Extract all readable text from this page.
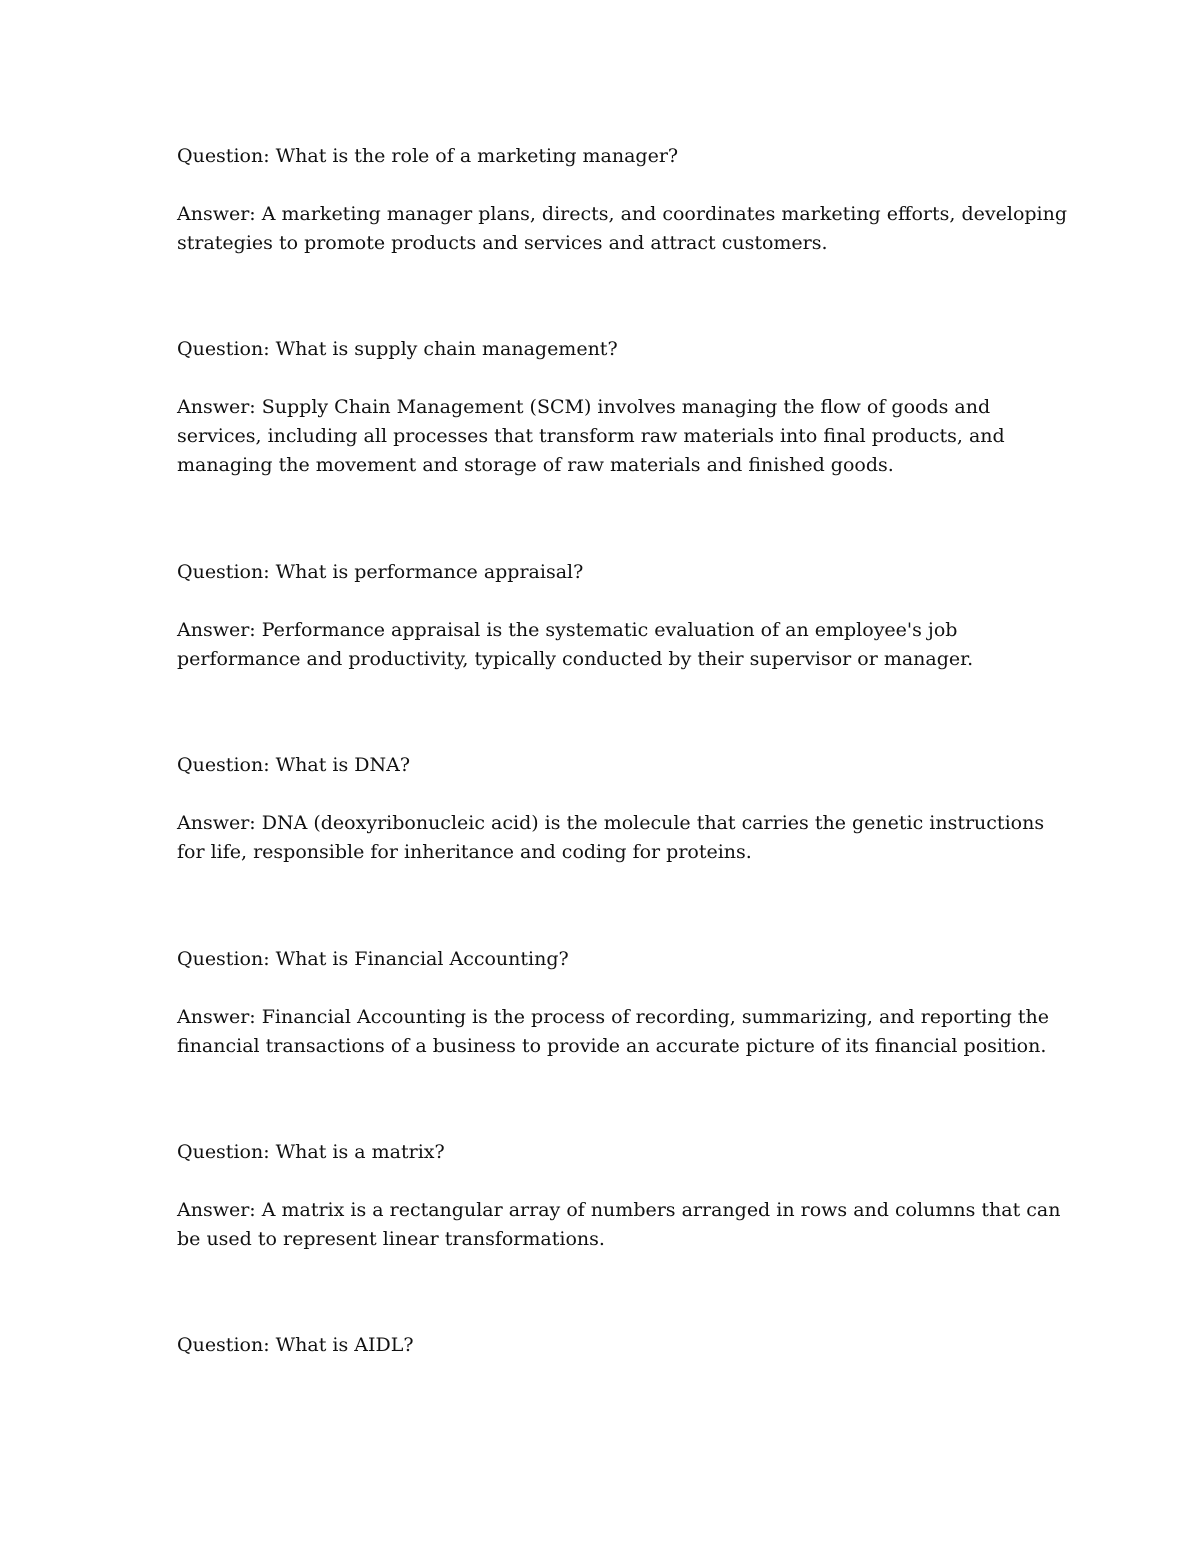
Question: What is the role of a marketing manager?

Answer: A marketing manager plans, directs, and coordinates marketing efforts, developing
strategies to promote products and services and attract customers.

Question: What is supply chain management?

Answer: Supply Chain Management (SCM) involves managing the flow of goods and
services, including all processes that transform raw materials into final products, and
managing the movement and storage of raw materials and finished goods.

Question: What is performance appraisal?

Answer: Performance appraisal is the systematic evaluation of an employee's job
performance and productivity, typically conducted by their supervisor or manager.

Question: What is DNA?

Answer: DNA (deoxyribonucleic acid) is the molecule that carries the genetic instructions
for life, responsible for inheritance and coding for proteins.

Question: What is Financial Accounting?

Answer: Financial Accounting is the process of recording, summarizing, and reporting the
financial transactions of a business to provide an accurate picture of its financial position.

Question: What is a matrix?

Answer: A matrix is a rectangular array of numbers arranged in rows and columns that can
be used to represent linear transformations.

Question: What is AIDL?
